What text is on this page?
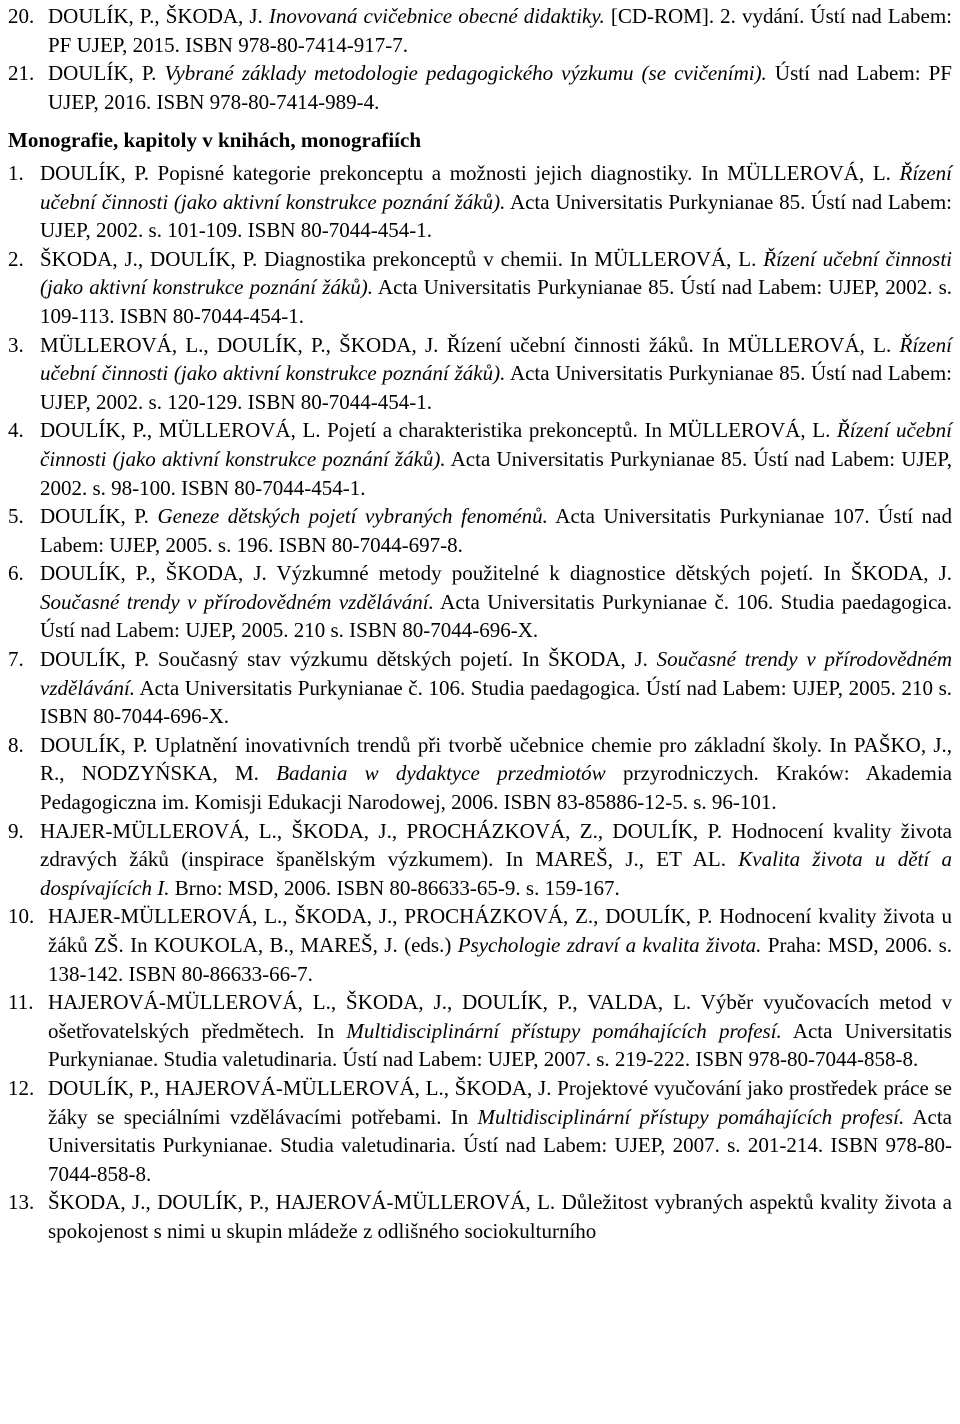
20. DOULÍK, P., ŠKODA, J. Inovovaná cvičebnice obecné didaktiky. [CD-ROM]. 2. vydání. Ústí nad Labem: PF UJEP, 2015. ISBN 978-80-7414-917-7.
21. DOULÍK, P. Vybrané základy metodologie pedagogického výzkumu (se cvičeními). Ústí nad Labem: PF UJEP, 2016. ISBN 978-80-7414-989-4.
Monografie, kapitoly v knihách, monografiích
1. DOULÍK, P. Popisné kategorie prekonceptu a možnosti jejich diagnostiky. In MÜLLEROVÁ, L. Řízení učební činnosti (jako aktivní konstrukce poznání žáků). Acta Universitatis Purkynianae 85. Ústí nad Labem: UJEP, 2002. s. 101-109. ISBN 80-7044-454-1.
2. ŠKODA, J., DOULÍK, P. Diagnostika prekonceptů v chemii. In MÜLLEROVÁ, L. Řízení učební činnosti (jako aktivní konstrukce poznání žáků). Acta Universitatis Purkynianae 85. Ústí nad Labem: UJEP, 2002. s. 109-113. ISBN 80-7044-454-1.
3. MÜLLEROVÁ, L., DOULÍK, P., ŠKODA, J. Řízení učební činnosti žáků. In MÜLLEROVÁ, L. Řízení učební činnosti (jako aktivní konstrukce poznání žáků). Acta Universitatis Purkynianae 85. Ústí nad Labem: UJEP, 2002. s. 120-129. ISBN 80-7044-454-1.
4. DOULÍK, P., MÜLLEROVÁ, L. Pojetí a charakteristika prekonceptů. In MÜLLEROVÁ, L. Řízení učební činnosti (jako aktivní konstrukce poznání žáků). Acta Universitatis Purkynianae 85. Ústí nad Labem: UJEP, 2002. s. 98-100. ISBN 80-7044-454-1.
5. DOULÍK, P. Geneze dětských pojetí vybraných fenoménů. Acta Universitatis Purkynianae 107. Ústí nad Labem: UJEP, 2005. s. 196. ISBN 80-7044-697-8.
6. DOULÍK, P., ŠKODA, J. Výzkumné metody použitelné k diagnostice dětských pojetí. In ŠKODA, J. Současné trendy v přírodovědném vzdělávání. Acta Universitatis Purkynianae č. 106. Studia paedagogica. Ústí nad Labem: UJEP, 2005. 210 s. ISBN 80-7044-696-X.
7. DOULÍK, P. Současný stav výzkumu dětských pojetí. In ŠKODA, J. Současné trendy v přírodovědném vzdělávání. Acta Universitatis Purkynianae č. 106. Studia paedagogica. Ústí nad Labem: UJEP, 2005. 210 s. ISBN 80-7044-696-X.
8. DOULÍK, P. Uplatnění inovativních trendů při tvorbě učebnice chemie pro základní školy. In PAŠKO, J., R., NODZYŃSKA, M. Badania w dydaktyce przedmiotów przyrodniczych. Kraków: Akademia Pedagogiczna im. Komisji Edukacji Narodowej, 2006. ISBN 83-85886-12-5. s. 96-101.
9. HAJER-MÜLLEROVÁ, L., ŠKODA, J., PROCHÁZKOVÁ, Z., DOULÍK, P. Hodnocení kvality života zdravých žáků (inspirace španělským výzkumem). In MAREŠ, J., ET AL. Kvalita života u dětí a dospívajících I. Brno: MSD, 2006. ISBN 80-86633-65-9. s. 159-167.
10. HAJER-MÜLLEROVÁ, L., ŠKODA, J., PROCHÁZKOVÁ, Z., DOULÍK, P. Hodnocení kvality života u žáků ZŠ. In KOUKOLA, B., MAREŠ, J. (eds.) Psychologie zdraví a kvalita života. Praha: MSD, 2006. s. 138-142. ISBN 80-86633-66-7.
11. HAJEROVÁ-MÜLLEROVÁ, L., ŠKODA, J., DOULÍK, P., VALDA, L. Výběr vyučovacích metod v ošetřovatelských předmětech. In Multidisciplinární přístupy pomáhajících profesí. Acta Universitatis Purkynianae. Studia valetudinaria. Ústí nad Labem: UJEP, 2007. s. 219-222. ISBN 978-80-7044-858-8.
12. DOULÍK, P., HAJEROVÁ-MÜLLEROVÁ, L., ŠKODA, J. Projektové vyučování jako prostředek práce se žáky se speciálními vzdělávacími potřebami. In Multidisciplinární přístupy pomáhajících profesí. Acta Universitatis Purkynianae. Studia valetudinaria. Ústí nad Labem: UJEP, 2007. s. 201-214. ISBN 978-80-7044-858-8.
13. ŠKODA, J., DOULÍK, P., HAJEROVÁ-MÜLLEROVÁ, L. Důležitost vybraných aspektů kvality života a spokojenost s nimi u skupin mládeže z odlišného sociokulturního
